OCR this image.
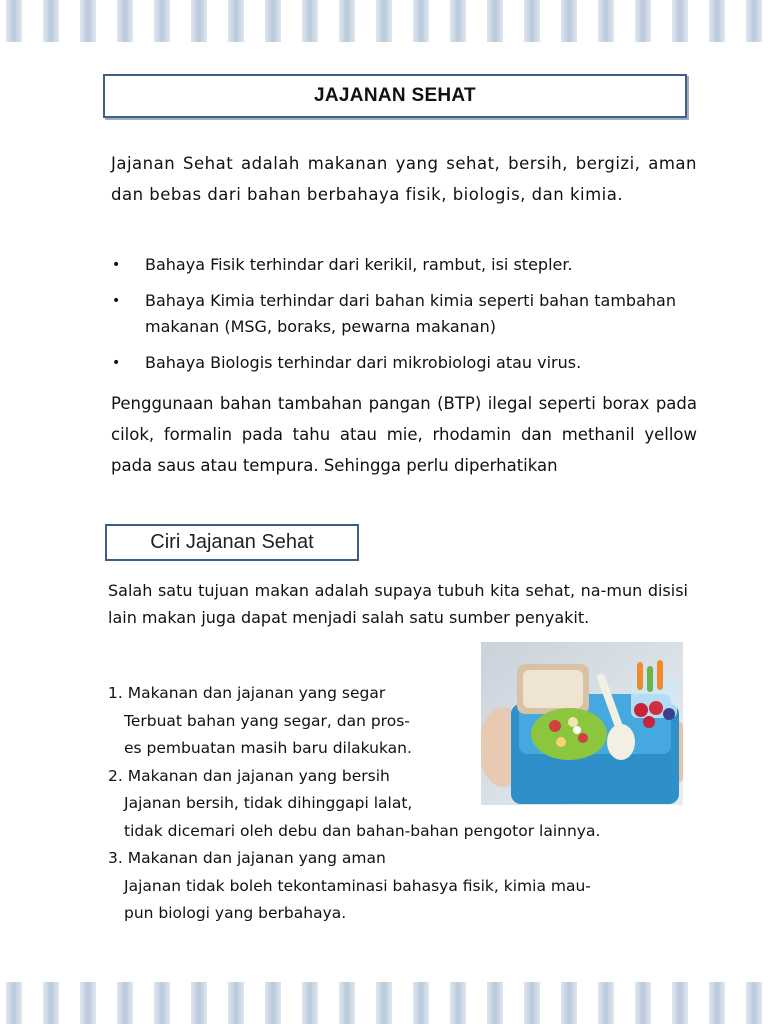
JAJANAN SEHAT

Jajanan Sehat adalah makanan yang sehat, bersih, bergizi, aman dan bebas dari bahan berbahaya fisik, biologis, dan kimia.

• Bahaya Fisik terhindar dari kerikil, rambut, isi stepler.
• Bahaya Kimia terhindar dari bahan kimia seperti bahan tambahan makanan (MSG, boraks, pewarna makanan)
• Bahaya Biologis terhindar dari mikrobiologi atau virus.

Penggunaan bahan tambahan pangan (BTP) ilegal seperti borax pada cilok, formalin pada tahu atau mie, rhodamin dan methanil yellow pada saus atau tempura. Sehingga perlu diperhatikan

Ciri Jajanan Sehat

Salah satu tujuan makan adalah supaya tubuh kita sehat, na-mun disisi lain makan juga dapat menjadi salah satu sumber penyakit.

1. Makanan dan jajanan yang segar
Terbuat bahan yang segar, dan pros-
es pembuatan masih baru dilakukan.
2. Makanan dan jajanan yang bersih
Jajanan bersih, tidak dihinggapi lalat,
tidak dicemari oleh debu dan bahan-bahan pengotor lainnya.
3. Makanan dan jajanan yang aman
Jajanan tidak boleh tekontaminasi bahasya fisik, kimia mau-
pun biologi yang berbahaya.
